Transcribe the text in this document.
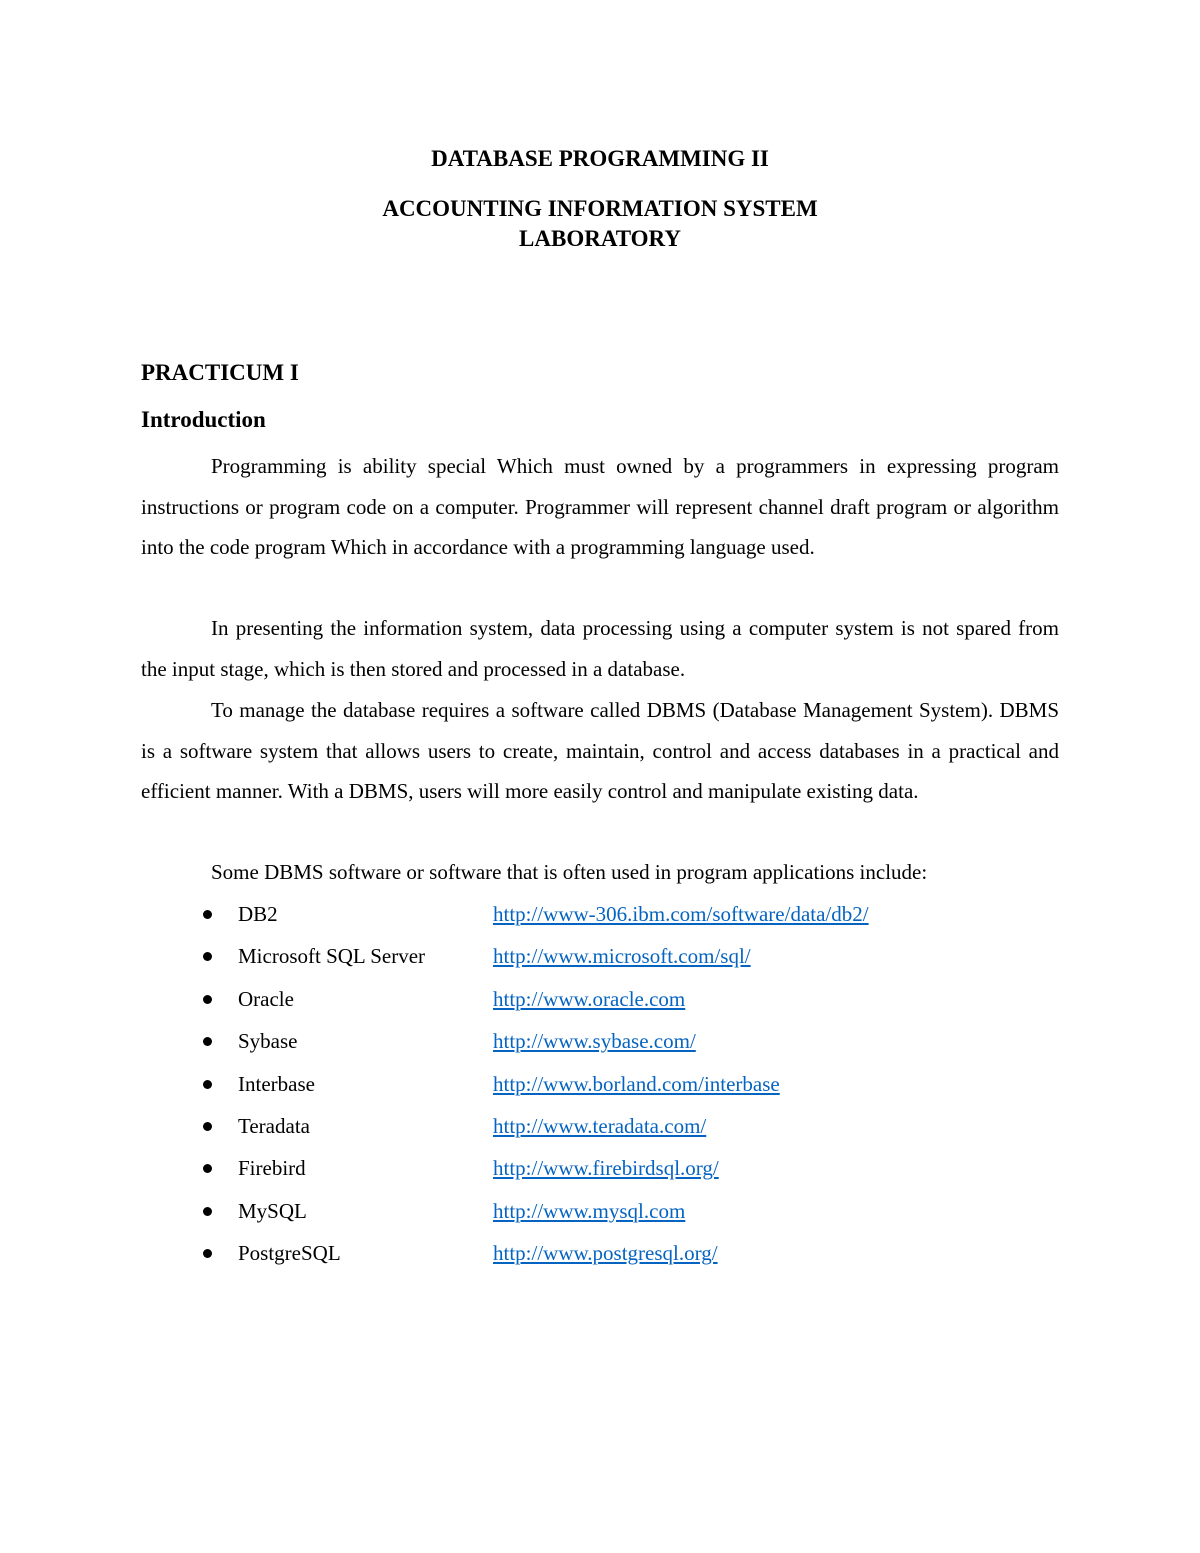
DATABASE PROGRAMMING II
ACCOUNTING INFORMATION SYSTEM
LABORATORY
PRACTICUM I
Introduction

Programming is ability special Which must owned by a programmers in expressing program instructions or program code on a computer. Programmer will represent channel draft program or algorithm into the code program Which in accordance with a programming language used.

In presenting the information system, data processing using a computer system is not spared from the input stage, which is then stored and processed in a database.

To manage the database requires a software called DBMS (Database Management System). DBMS is a software system that allows users to create, maintain, control and access databases in a practical and efficient manner. With a DBMS, users will more easily control and manipulate existing data.

Some DBMS software or software that is often used in program applications include:
DB2	http://www-306.ibm.com/software/data/db2/
Microsoft SQL Server	http://www.microsoft.com/sql/
Oracle	http://www.oracle.com
Sybase	http://www.sybase.com/
Interbase	http://www.borland.com/interbase
Teradata	http://www.teradata.com/
Firebird	http://www.firebirdsql.org/
MySQL	http://www.mysql.com
PostgreSQL	http://www.postgresql.org/
